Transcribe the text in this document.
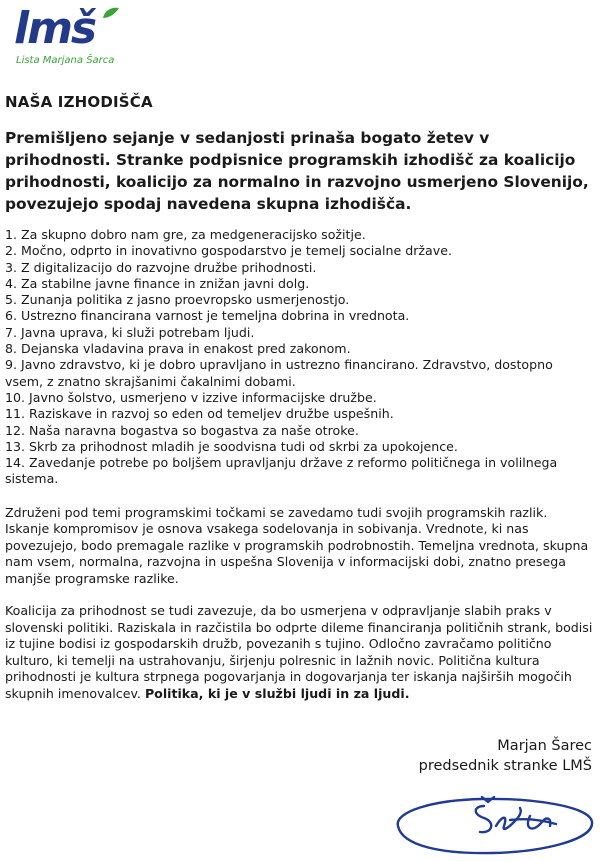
lmš
Lista Marjana Šarca
NAŠA IZHODIŠČA

Premišljeno sejanje v sedanjosti prinaša bogato žetev v prihodnosti. Stranke podpisnice programskih izhodišč za koalicijo prihodnosti, koalicijo za normalno in razvojno usmerjeno Slovenijo, povezujejo spodaj navedena skupna izhodišča.

1. Za skupno dobro nam gre, za medgeneracijsko sožitje.
2. Močno, odprto in inovativno gospodarstvo je temelj socialne države.
3. Z digitalizacijo do razvojne družbe prihodnosti.
4. Za stabilne javne finance in znižan javni dolg.
5. Zunanja politika z jasno proevropsko usmerjenostjo.
6. Ustrezno financirana varnost je temeljna dobrina in vrednota.
7. Javna uprava, ki služi potrebam ljudi.
8. Dejanska vladavina prava in enakost pred zakonom.
9. Javno zdravstvo, ki je dobro upravljano in ustrezno financirano. Zdravstvo, dostopno vsem, z znatno skrajšanimi čakalnimi dobami.
10. Javno šolstvo, usmerjeno v izzive informacijske družbe.
11. Raziskave in razvoj so eden od temeljev družbe uspešnih.
12. Naša naravna bogastva so bogastva za naše otroke.
13. Skrb za prihodnost mladih je soodvisna tudi od skrbi za upokojence.
14. Zavedanje potrebe po boljšem upravljanju države z reformo političnega in volilnega sistema.

Združeni pod temi programskimi točkami se zavedamo tudi svojih programskih razlik. Iskanje kompromisov je osnova vsakega sodelovanja in sobivanja. Vrednote, ki nas povezujejo, bodo premagale razlike v programskih podrobnostih. Temeljna vrednota, skupna nam vsem, normalna, razvojna in uspešna Slovenija v informacijski dobi, znatno presega manjše programske razlike.

Koalicija za prihodnost se tudi zavezuje, da bo usmerjena v odpravljanje slabih praks v slovenski politiki. Raziskala in razčistila bo odprte dileme financiranja političnih strank, bodisi iz tujine bodisi iz gospodarskih družb, povezanih s tujino. Odločno zavračamo politično kulturo, ki temelji na ustrahovanju, širjenju polresnic in lažnih novic. Politična kultura prihodnosti je kultura strpnega pogovarjanja in dogovarjanja ter iskanja najširših mogočih skupnih imenovalcev. Politika, ki je v službi ljudi in za ljudi.

Marjan Šarec
predsednik stranke LMŠ
